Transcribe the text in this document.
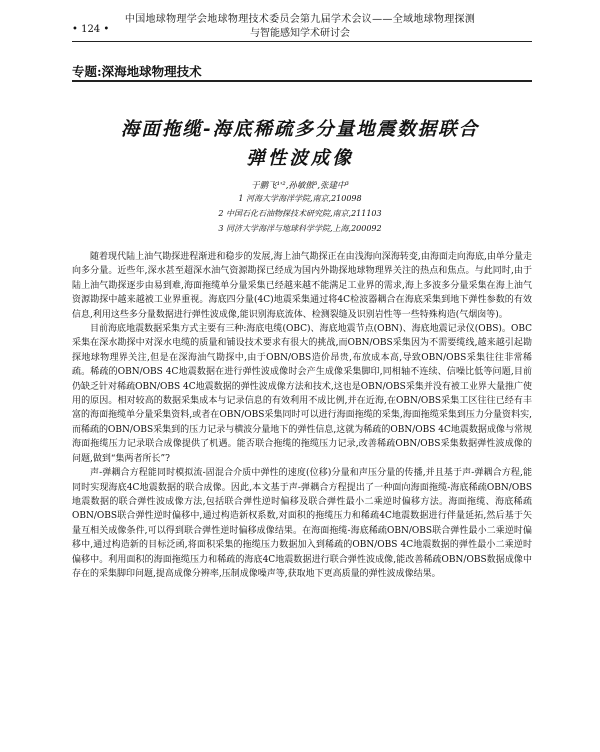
中国地球物理学会地球物理技术委员会第九届学术会议——全域地球物理探测
• 124 •	与智能感知学术研讨会
专题:深海地球物理技术
海面拖缆-海底稀疏多分量地震数据联合
弹性波成像
于鹏飞¹'²,孙敏傲³,张建中³
1 河海大学海洋学院,南京,210098
2 中国石化石油物探技术研究院,南京,211103
3 同济大学海洋与地球科学学院,上海,200092

随着现代陆上油气勘探进程渐进和稳步的发展,海上油气勘探正在由浅海向深海转变,由海面走向海底,由单分量走向多分量。近些年,深水甚至超深水油气资源勘探已经成为国内外勘探地球物理界关注的热点和焦点。与此同时,由于陆上油气勘探逐步由易到难,海面拖缆单分量采集已经越来越不能满足工业界的需求,海上多波多分量采集在海上油气资源勘探中越来越被工业界重视。海底四分量(4C)地震采集通过将4C检波器耦合在海底采集到地下弹性参数的有效信息,利用这些多分量数据进行弹性波成像,能识别海底流体、检测裂缝及识别岩性等一些特殊构造(气烟囱等)。

目前海底地震数据采集方式主要有三种:海底电缆(OBC)、海底地震节点(OBN)、海底地震记录仪(OBS)。OBC采集在深水勘探中对深水电缆的质量和铺设技术要求有很大的挑战,而OBN/OBS采集因为不需要缆线,越来越引起勘探地球物理界关注,但是在深海油气勘探中,由于OBN/OBS造价昂贵,布放成本高,导致OBN/OBS采集往往非常稀疏。稀疏的OBN/OBS 4C地震数据在进行弹性波成像时会产生成像采集脚印,同相轴不连续、信噪比低等问题,目前仍缺乏针对稀疏OBN/OBS 4C地震数据的弹性波成像方法和技术,这也是OBN/OBS采集并没有被工业界大量推广使用的原因。相对较高的数据采集成本与记录信息的有效利用不成比例,并在近海,在OBN/OBS采集工区往往已经有丰富的海面拖缆单分量采集资料,或者在OBN/OBS采集同时可以进行海面拖缆的采集,海面拖缆采集到压力分量资料实,而稀疏的OBN/OBS采集到的压力记录与横波分量地下的弹性信息,这就为稀疏的OBN/OBS 4C地震数据成像与常规海面拖缆压力记录联合成像提供了机遇。能否联合拖缆的拖缆压力记录,改善稀疏OBN/OBS采集数据弹性波成像的问题,做到“集两者所长”?

声-弹耦合方程能同时模拟流-固混合介质中弹性的速度(位移)分量和声压分量的传播,并且基于声-弹耦合方程,能同时实现海底4C地震数据的联合成像。因此,本文基于声-弹耦合方程提出了一种面向海面拖缆-海底稀疏OBN/OBS地震数据的联合弹性波成像方法,包括联合弹性逆时偏移及联合弹性最小二乘逆时偏移方法。海面拖缆、海底稀疏OBN/OBS联合弹性逆时偏移中,通过构造新权系数,对面积的拖缆压力和稀疏4C地震数据进行伴量延拓,然后基于矢量互相关成像条件,可以得到联合弹性逆时偏移成像结果。在海面拖缆-海底稀疏OBN/OBS联合弹性最小二乘逆时偏移中,通过构造新的目标泛函,将面积采集的拖缆压力数据加入到稀疏的OBN/OBS 4C地震数据的弹性最小二乘逆时偏移中。利用面积的海面拖缆压力和稀疏的海底4C地震数据进行联合弹性波成像,能改善稀疏OBN/OBS数据成像中存在的采集脚印问题,提高成像分辨率,压制成像噪声等,获取地下更高质量的弹性波成像结果。
